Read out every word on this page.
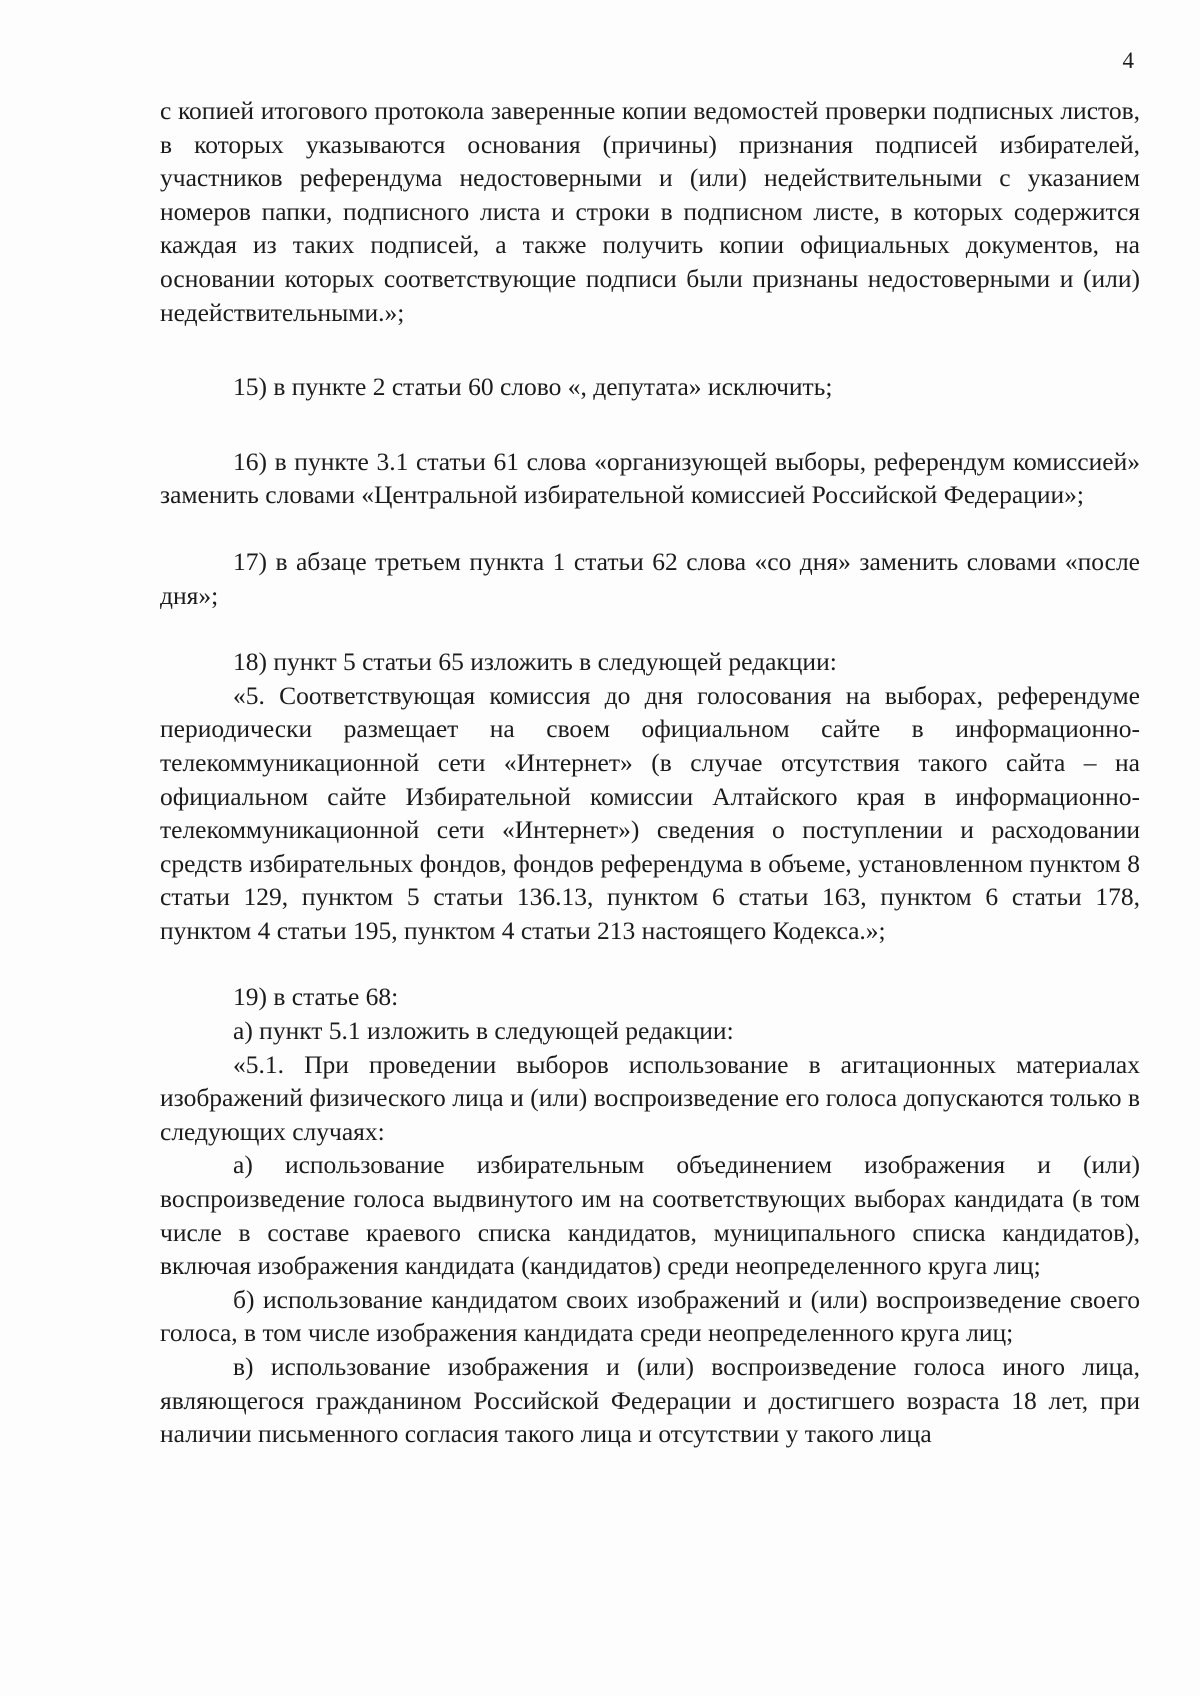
4

с копией итогового протокола заверенные копии ведомостей проверки подписных листов, в которых указываются основания (причины) признания подписей избирателей, участников референдума недостоверными и (или) недействительными с указанием номеров папки, подписного листа и строки в подписном листе, в которых содержится каждая из таких подписей, а также получить копии официальных документов, на основании которых соответствующие подписи были признаны недостоверными и (или) недействительными.»;

15) в пункте 2 статьи 60 слово «, депутата» исключить;

16) в пункте 3.1 статьи 61 слова «организующей выборы, референдум комиссией» заменить словами «Центральной избирательной комиссией Российской Федерации»;

17) в абзаце третьем пункта 1 статьи 62 слова «со дня» заменить словами «после дня»;

18) пункт 5 статьи 65 изложить в следующей редакции:

«5. Соответствующая комиссия до дня голосования на выборах, референдуме периодически размещает на своем официальном сайте в информационно-телекоммуникационной сети «Интернет» (в случае отсутствия такого сайта – на официальном сайте Избирательной комиссии Алтайского края в информационно-телекоммуникационной сети «Интернет») сведения о поступлении и расходовании средств избирательных фондов, фондов референдума в объеме, установленном пунктом 8 статьи 129, пунктом 5 статьи 136.13, пунктом 6 статьи 163, пунктом 6 статьи 178, пунктом 4 статьи 195, пунктом 4 статьи 213 настоящего Кодекса.»;

19) в статье 68:

а) пункт 5.1 изложить в следующей редакции:

«5.1. При проведении выборов использование в агитационных материалах изображений физического лица и (или) воспроизведение его голоса допускаются только в следующих случаях:

а) использование избирательным объединением изображения и (или) воспроизведение голоса выдвинутого им на соответствующих выборах кандидата (в том числе в составе краевого списка кандидатов, муниципального списка кандидатов), включая изображения кандидата (кандидатов) среди неопределенного круга лиц;

б) использование кандидатом своих изображений и (или) воспроизведение своего голоса, в том числе изображения кандидата среди неопределенного круга лиц;

в) использование изображения и (или) воспроизведение голоса иного лица, являющегося гражданином Российской Федерации и достигшего возраста 18 лет, при наличии письменного согласия такого лица и отсутствии у такого лица
